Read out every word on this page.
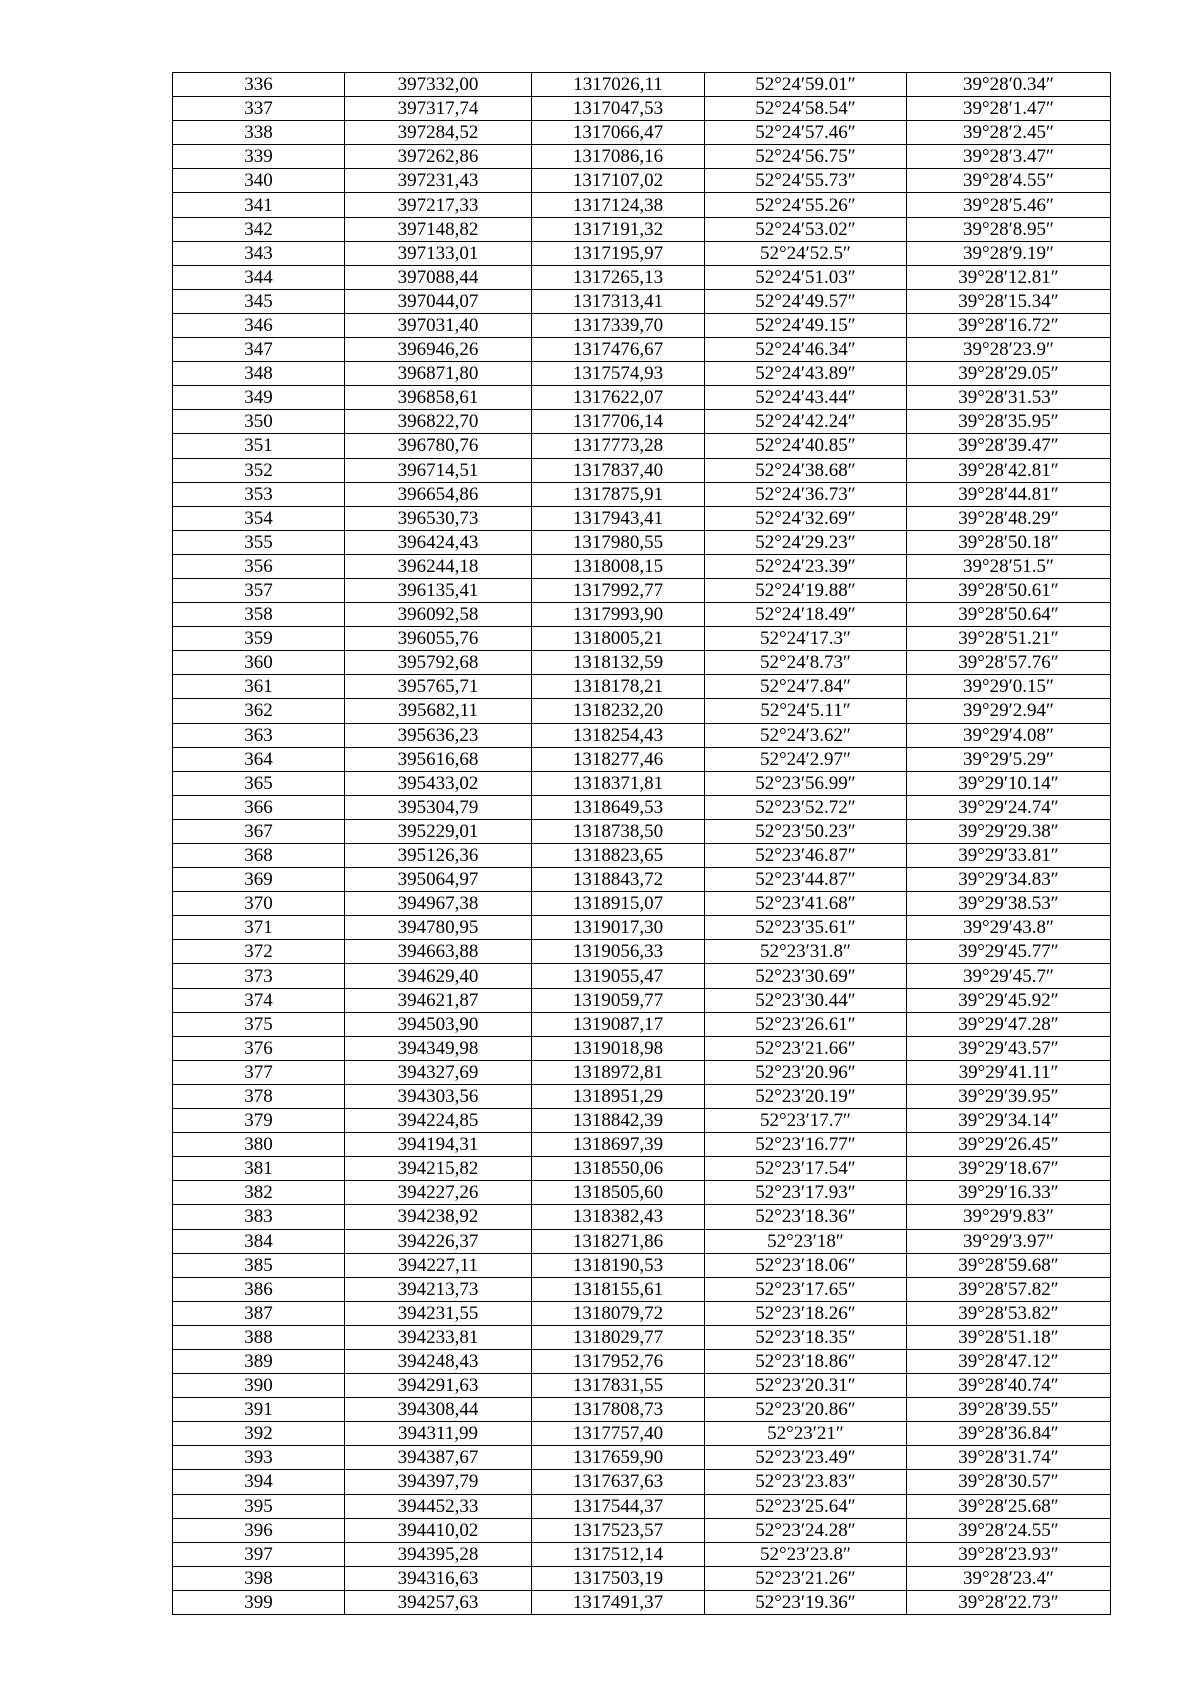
336	397332,00	1317026,11	52°24′59.01″	39°28′0.34″
337	397317,74	1317047,53	52°24′58.54″	39°28′1.47″
338	397284,52	1317066,47	52°24′57.46″	39°28′2.45″
339	397262,86	1317086,16	52°24′56.75″	39°28′3.47″
340	397231,43	1317107,02	52°24′55.73″	39°28′4.55″
341	397217,33	1317124,38	52°24′55.26″	39°28′5.46″
342	397148,82	1317191,32	52°24′53.02″	39°28′8.95″
343	397133,01	1317195,97	52°24′52.5″	39°28′9.19″
344	397088,44	1317265,13	52°24′51.03″	39°28′12.81″
345	397044,07	1317313,41	52°24′49.57″	39°28′15.34″
346	397031,40	1317339,70	52°24′49.15″	39°28′16.72″
347	396946,26	1317476,67	52°24′46.34″	39°28′23.9″
348	396871,80	1317574,93	52°24′43.89″	39°28′29.05″
349	396858,61	1317622,07	52°24′43.44″	39°28′31.53″
350	396822,70	1317706,14	52°24′42.24″	39°28′35.95″
351	396780,76	1317773,28	52°24′40.85″	39°28′39.47″
352	396714,51	1317837,40	52°24′38.68″	39°28′42.81″
353	396654,86	1317875,91	52°24′36.73″	39°28′44.81″
354	396530,73	1317943,41	52°24′32.69″	39°28′48.29″
355	396424,43	1317980,55	52°24′29.23″	39°28′50.18″
356	396244,18	1318008,15	52°24′23.39″	39°28′51.5″
357	396135,41	1317992,77	52°24′19.88″	39°28′50.61″
358	396092,58	1317993,90	52°24′18.49″	39°28′50.64″
359	396055,76	1318005,21	52°24′17.3″	39°28′51.21″
360	395792,68	1318132,59	52°24′8.73″	39°28′57.76″
361	395765,71	1318178,21	52°24′7.84″	39°29′0.15″
362	395682,11	1318232,20	52°24′5.11″	39°29′2.94″
363	395636,23	1318254,43	52°24′3.62″	39°29′4.08″
364	395616,68	1318277,46	52°24′2.97″	39°29′5.29″
365	395433,02	1318371,81	52°23′56.99″	39°29′10.14″
366	395304,79	1318649,53	52°23′52.72″	39°29′24.74″
367	395229,01	1318738,50	52°23′50.23″	39°29′29.38″
368	395126,36	1318823,65	52°23′46.87″	39°29′33.81″
369	395064,97	1318843,72	52°23′44.87″	39°29′34.83″
370	394967,38	1318915,07	52°23′41.68″	39°29′38.53″
371	394780,95	1319017,30	52°23′35.61″	39°29′43.8″
372	394663,88	1319056,33	52°23′31.8″	39°29′45.77″
373	394629,40	1319055,47	52°23′30.69″	39°29′45.7″
374	394621,87	1319059,77	52°23′30.44″	39°29′45.92″
375	394503,90	1319087,17	52°23′26.61″	39°29′47.28″
376	394349,98	1319018,98	52°23′21.66″	39°29′43.57″
377	394327,69	1318972,81	52°23′20.96″	39°29′41.11″
378	394303,56	1318951,29	52°23′20.19″	39°29′39.95″
379	394224,85	1318842,39	52°23′17.7″	39°29′34.14″
380	394194,31	1318697,39	52°23′16.77″	39°29′26.45″
381	394215,82	1318550,06	52°23′17.54″	39°29′18.67″
382	394227,26	1318505,60	52°23′17.93″	39°29′16.33″
383	394238,92	1318382,43	52°23′18.36″	39°29′9.83″
384	394226,37	1318271,86	52°23′18″	39°29′3.97″
385	394227,11	1318190,53	52°23′18.06″	39°28′59.68″
386	394213,73	1318155,61	52°23′17.65″	39°28′57.82″
387	394231,55	1318079,72	52°23′18.26″	39°28′53.82″
388	394233,81	1318029,77	52°23′18.35″	39°28′51.18″
389	394248,43	1317952,76	52°23′18.86″	39°28′47.12″
390	394291,63	1317831,55	52°23′20.31″	39°28′40.74″
391	394308,44	1317808,73	52°23′20.86″	39°28′39.55″
392	394311,99	1317757,40	52°23′21″	39°28′36.84″
393	394387,67	1317659,90	52°23′23.49″	39°28′31.74″
394	394397,79	1317637,63	52°23′23.83″	39°28′30.57″
395	394452,33	1317544,37	52°23′25.64″	39°28′25.68″
396	394410,02	1317523,57	52°23′24.28″	39°28′24.55″
397	394395,28	1317512,14	52°23′23.8″	39°28′23.93″
398	394316,63	1317503,19	52°23′21.26″	39°28′23.4″
399	394257,63	1317491,37	52°23′19.36″	39°28′22.73″
